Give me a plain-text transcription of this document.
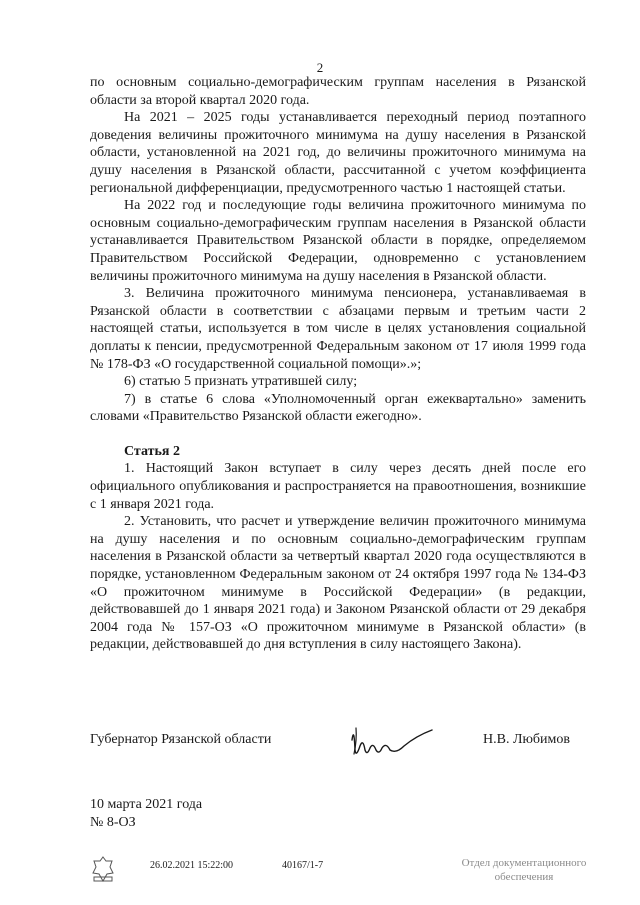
2

по основным социально-демографическим группам населения в Рязанской области за второй квартал 2020 года.

На 2021 – 2025 годы устанавливается переходный период поэтапного доведения величины прожиточного минимума на душу населения в Рязанской области, установленной на 2021 год, до величины прожиточного минимума на душу населения в Рязанской области, рассчитанной с учетом коэффициента региональной дифференциации, предусмотренного частью 1 настоящей статьи.

На 2022 год и последующие годы величина прожиточного минимума по основным социально-демографическим группам населения в Рязанской области устанавливается Правительством Рязанской области в порядке, определяемом Правительством Российской Федерации, одновременно с установлением величины прожиточного минимума на душу населения в Рязанской области.

3. Величина прожиточного минимума пенсионера, устанавливаемая в Рязанской области в соответствии с абзацами первым и третьим части 2 настоящей статьи, используется в том числе в целях установления социальной доплаты к пенсии, предусмотренной Федеральным законом от 17 июля 1999 года № 178-ФЗ «О государственной социальной помощи».»;

6) статью 5 признать утратившей силу;

7) в статье 6 слова «Уполномоченный орган ежеквартально» заменить словами «Правительство Рязанской области ежегодно».

Статья 2

1. Настоящий Закон вступает в силу через десять дней после его официального опубликования и распространяется на правоотношения, возникшие с 1 января 2021 года.

2. Установить, что расчет и утверждение величин прожиточного минимума на душу населения и по основным социально-демографическим группам населения в Рязанской области за четвертый квартал 2020 года осуществляются в порядке, установленном Федеральным законом от 24 октября 1997 года № 134-ФЗ «О прожиточном минимуме в Российской Федерации» (в редакции, действовавшей до 1 января 2021 года) и Законом Рязанской области от 29 декабря 2004 года № 157-ОЗ «О прожиточном минимуме в Рязанской области» (в редакции, действовавшей до дня вступления в силу настоящего Закона).

Губернатор Рязанской области	Н.В. Любимов
10 марта 2021 года
№ 8-ОЗ
26.02.2021 15:22:00	40167/1-7	Отдел документационного
обеспечения
